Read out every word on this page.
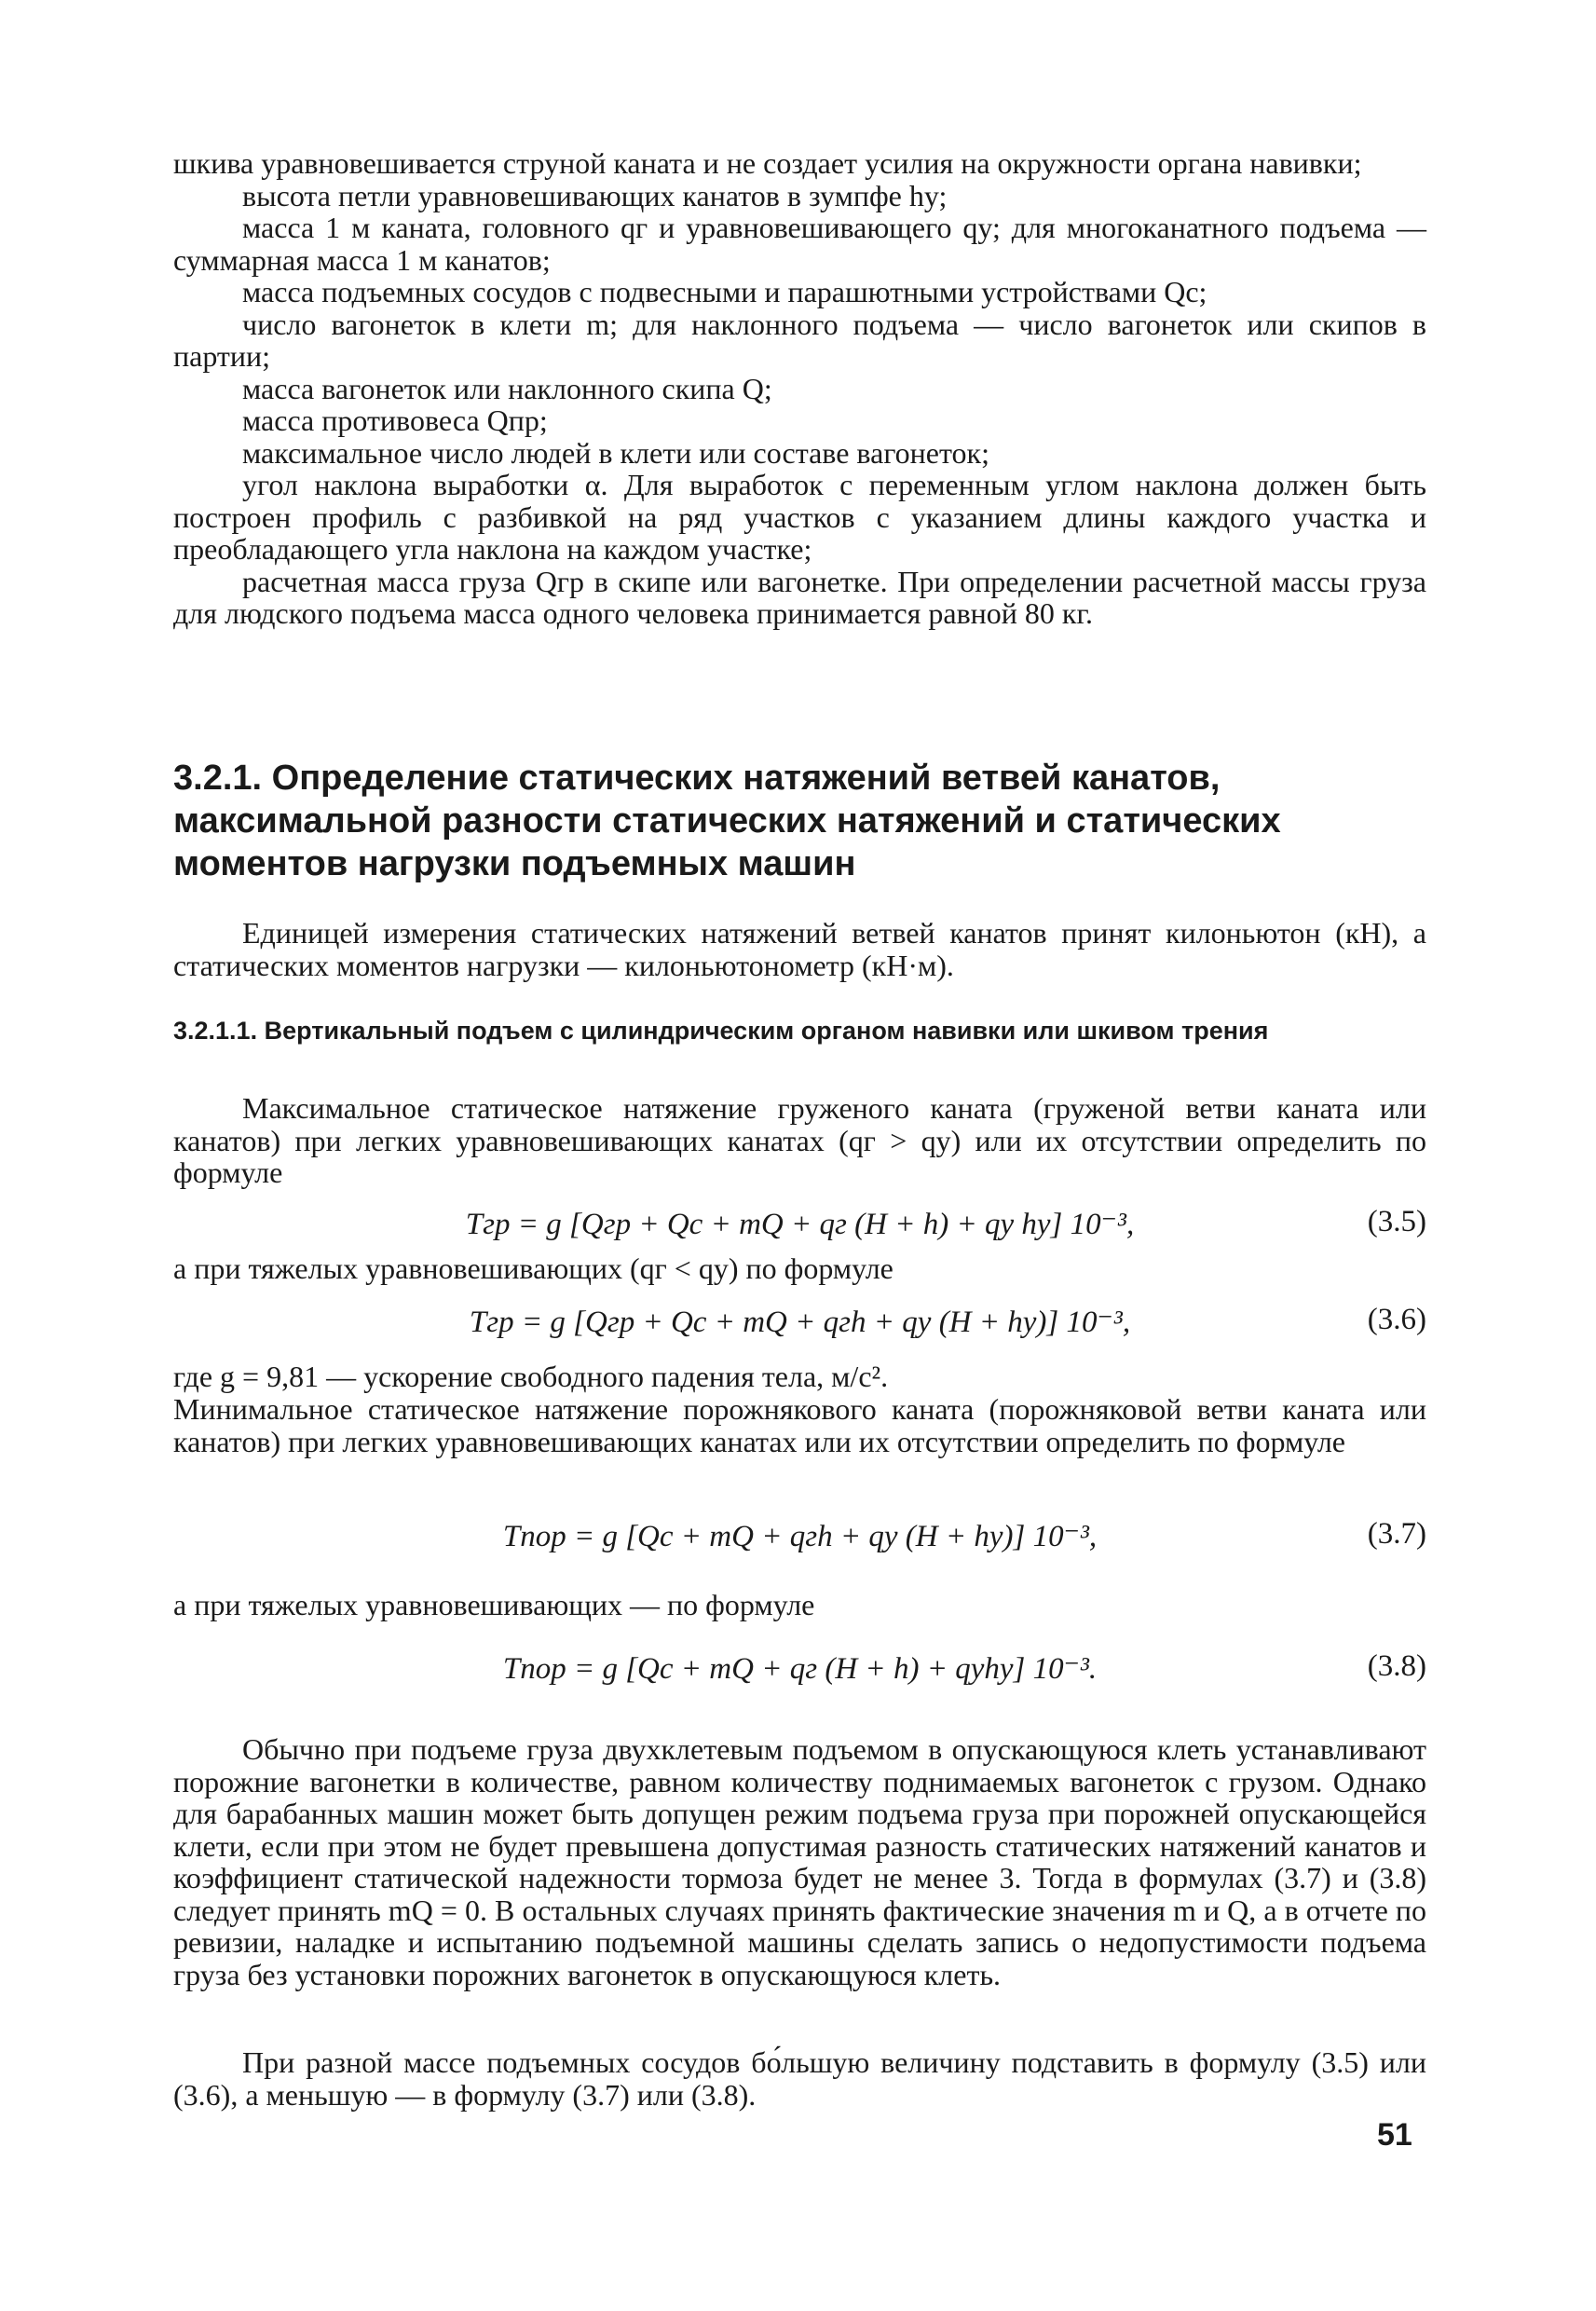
шкива уравновешивается струной каната и не создает усилия на окружности органа навивки;

высота петли уравновешивающих канатов в зумпфе hу;

масса 1 м каната, головного qг и уравновешивающего qу; для многоканатного подъема — суммарная масса 1 м канатов;

масса подъемных сосудов с подвесными и парашютными устройствами Qс;

число вагонеток в клети m; для наклонного подъема — число вагонеток или скипов в партии;

масса вагонеток или наклонного скипа Q;

масса противовеса Qпр;

максимальное число людей в клети или составе вагонеток;

угол наклона выработки α. Для выработок с переменным углом наклона должен быть построен профиль с разбивкой на ряд участков с указанием длины каждого участка и преобладающего угла наклона на каждом участке;

расчетная масса груза Qгр в скипе или вагонетке. При определении расчетной массы груза для людского подъема масса одного человека принимается равной 80 кг.

3.2.1. Определение статических натяжений ветвей канатов, максимальной разности статических натяжений и статических моментов нагрузки подъемных машин

Единицей измерения статических натяжений ветвей канатов принят килоньютон (кН), а статических моментов нагрузки — килоньютонометр (кН·м).

3.2.1.1. Вертикальный подъем с цилиндрическим органом навивки или шкивом трения

Максимальное статическое натяжение груженого каната (груженой ветви каната или канатов) при легких уравновешивающих канатах (qг > qу) или их отсутствии определить по формуле

Tгр = g [Qгр + Qс + mQ + qг (H + h) + qу hу] 10⁻³,	(3.5)
а при тяжелых уравновешивающих (qг < qу) по формуле
Tгр = g [Qгр + Qс + mQ + qгh + qу (H + hу)] 10⁻³,	(3.6)
где g = 9,81 — ускорение свободного падения тела, м/с².

Минимальное статическое натяжение порожнякового каната (порожняковой ветви каната или канатов) при легких уравновешивающих канатах или их отсутствии определить по формуле

Tпор = g [Qс + mQ + qгh + qу (H + hу)] 10⁻³,	(3.7)
а при тяжелых уравновешивающих — по формуле
Tпор = g [Qс + mQ + qг (H + h) + qуhу] 10⁻³.	(3.8)

Обычно при подъеме груза двухклетевым подъемом в опускающуюся клеть устанавливают порожние вагонетки в количестве, равном количеству поднимаемых вагонеток с грузом. Однако для барабанных машин может быть допущен режим подъема груза при порожней опускающейся клети, если при этом не будет превышена допустимая разность статических натяжений канатов и коэффициент статической надежности тормоза будет не менее 3. Тогда в формулах (3.7) и (3.8) следует принять mQ = 0. В остальных случаях принять фактические значения m и Q, а в отчете по ревизии, наладке и испытанию подъемной машины сделать запись о недопустимости подъема груза без установки порожних вагонеток в опускающуюся клеть.

При разной массе подъемных сосудов бо́льшую величину подставить в формулу (3.5) или (3.6), а меньшую — в формулу (3.7) или (3.8).

51
